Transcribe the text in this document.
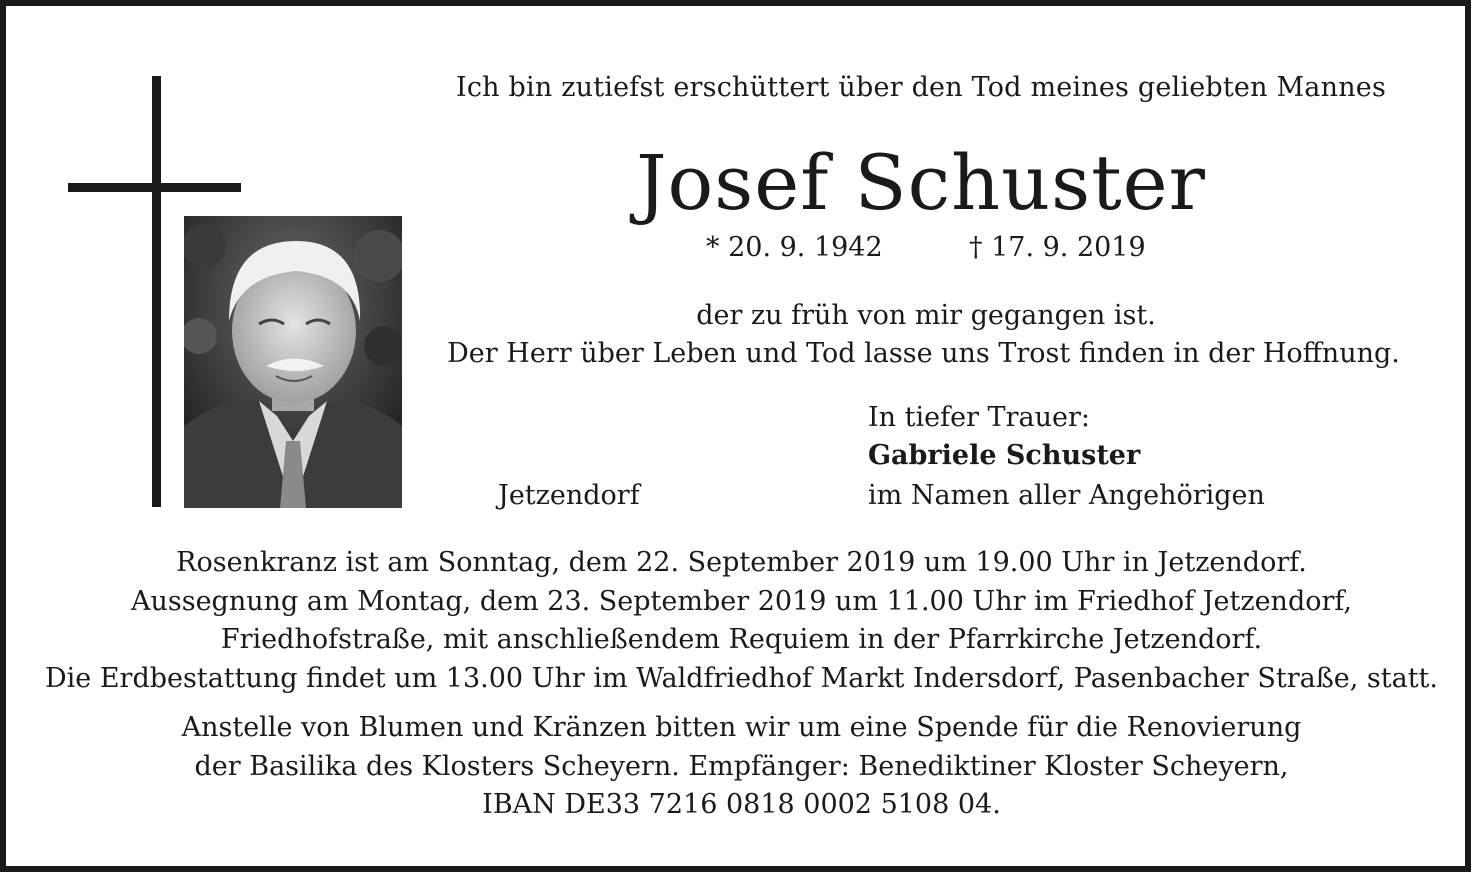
Ich bin zutiefst erschüttert über den Tod meines geliebten Mannes
Josef Schuster
* 20. 9. 1942	† 17. 9. 2019
der zu früh von mir gegangen ist.
Der Herr über Leben und Tod lasse uns Trost finden in der Hoffnung.
In tiefer Trauer:
Gabriele Schuster
Jetzendorf	im Namen aller Angehörigen
Rosenkranz ist am Sonntag, dem 22. September 2019 um 19.00 Uhr in Jetzendorf.
Aussegnung am Montag, dem 23. September 2019 um 11.00 Uhr im Friedhof Jetzendorf,
Friedhofstraße, mit anschließendem Requiem in der Pfarrkirche Jetzendorf.
Die Erdbestattung findet um 13.00 Uhr im Waldfriedhof Markt Indersdorf, Pasenbacher Straße, statt.
Anstelle von Blumen und Kränzen bitten wir um eine Spende für die Renovierung
der Basilika des Klosters Scheyern. Empfänger: Benediktiner Kloster Scheyern,
IBAN DE33 7216 0818 0002 5108 04.
